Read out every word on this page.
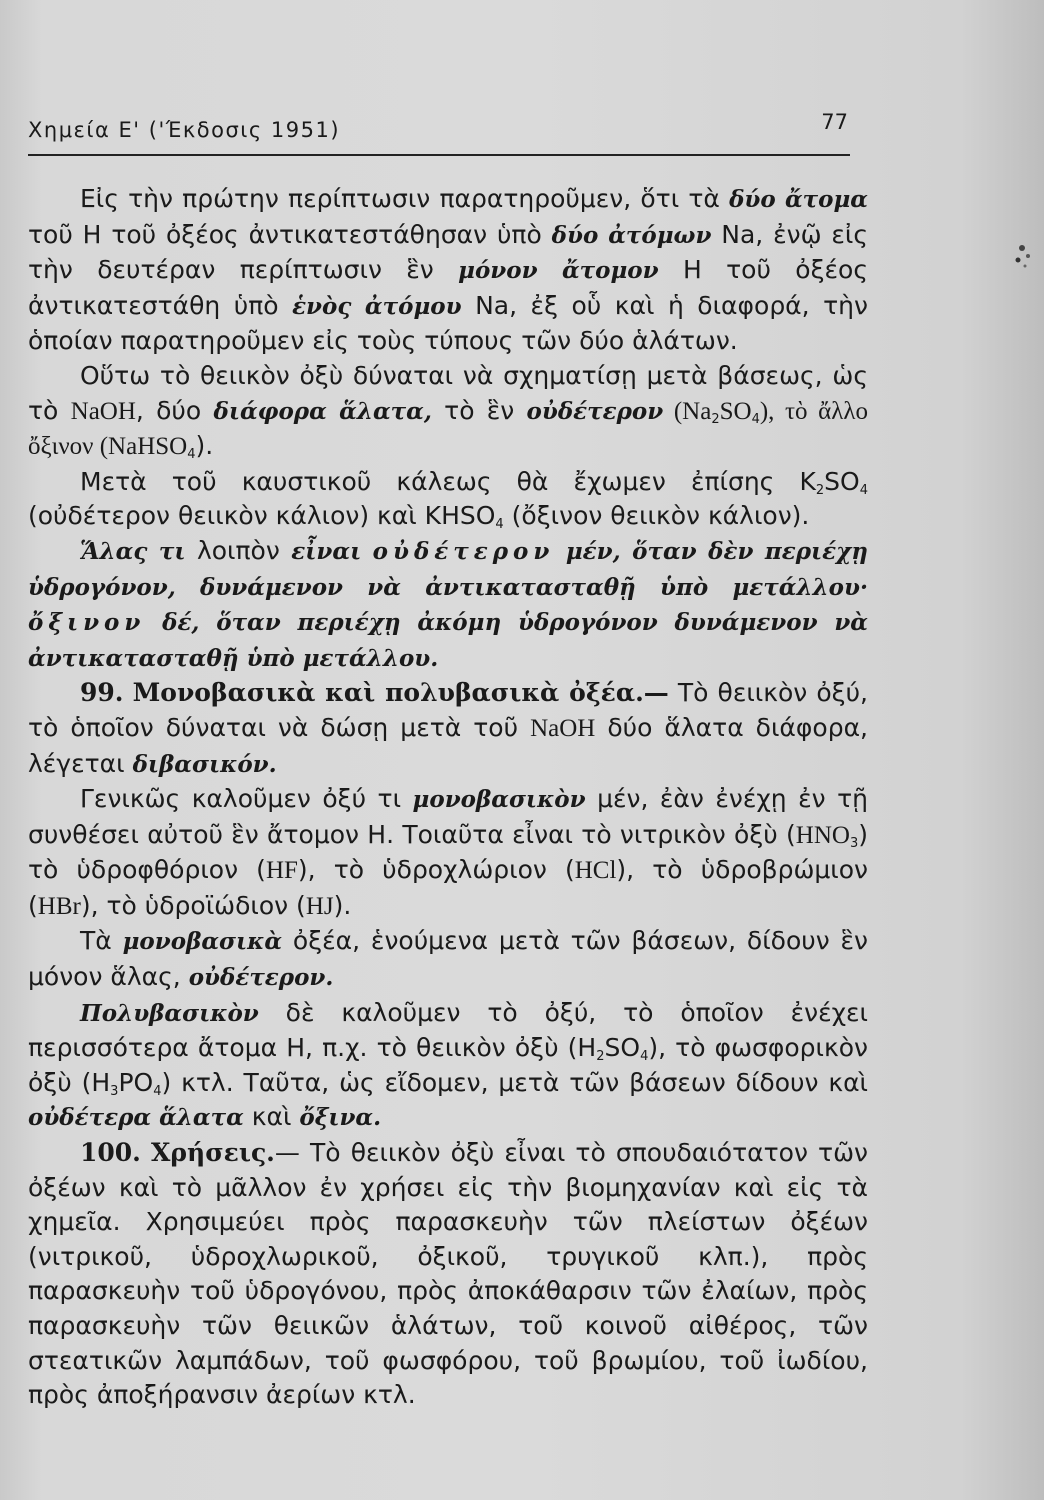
Χημεία Ε' ('Έκδοσις 1951)	77

Εἰς τὴν πρώτην περίπτωσιν παρατηροῦμεν, ὅτι τὰ δύο ἄτομα τοῦ Η τοῦ ὀξέος ἀντικατεστάθησαν ὑπὸ δύο ἀτόμων Na, ἐνῷ εἰς τὴν δευτέραν περίπτωσιν ἓν μόνον ἄτομον Η τοῦ ὀξέος ἀντικατεστάθη ὑπὸ ἑνὸς ἀτόμου Na, ἐξ οὗ καὶ ἡ διαφορά, τὴν ὁποίαν παρατηροῦμεν εἰς τοὺς τύπους τῶν δύο ἁλάτων.

Οὕτω τὸ θειικὸν ὀξὺ δύναται νὰ σχηματίσῃ μετὰ βάσεως, ὡς τὸ NaOH, δύο διάφορα ἅλατα, τὸ ἓν οὐδέτερον $(Na_2SO_4)$, τὸ ἄλλο ὄξινον (NaHSO$_4$).

Μετὰ τοῦ καυστικοῦ κάλεως θὰ ἔχωμεν ἐπίσης $K_2SO_4$ (οὐδέτερον θειικὸν κάλιον) καὶ $KHSO_4$ (ὄξινον θειικὸν κάλιον).

Ἅλας τι λοιπὸν εἶναι οὐδέτερον μέν, ὅταν δὲν περιέχῃ ὑδρογόνον, δυνάμενον νὰ ἀντικατασταθῇ ὑπὸ μετάλλου· ὄξινον δέ, ὅταν περιέχῃ ἀκόμη ὑδρογόνον δυνάμενον νὰ ἀντικατασταθῇ ὑπὸ μετάλλου.

99. Μονοβασικὰ καὶ πολυβασικὰ ὀξέα.— Τὸ θειικὸν ὀξύ, τὸ ὁποῖον δύναται νὰ δώσῃ μετὰ τοῦ NaOH δύο ἅλατα διάφορα, λέγεται διβασικόν.

Γενικῶς καλοῦμεν ὀξύ τι μονοβασικὸν μέν, ἐὰν ἐνέχῃ ἐν τῇ συνθέσει αὐτοῦ ἓν ἄτομον Η. Τοιαῦτα εἶναι τὸ νιτρικὸν ὀξὺ $(HNO_3)$ τὸ ὑδροφθόριον (HF), τὸ ὑδροχλώριον (HCl), τὸ ὑδροβρώμιον (HBr), τὸ ὑδροϊώδιον (HJ).

Τὰ μονοβασικὰ ὀξέα, ἑνούμενα μετὰ τῶν βάσεων, δίδουν ἓν μόνον ἅλας, οὐδέτερον.

Πολυβασικὸν δὲ καλοῦμεν τὸ ὀξύ, τὸ ὁποῖον ἐνέχει περισσότερα ἄτομα Η, π.χ. τὸ θειικὸν ὀξὺ $(H_2SO_4)$, τὸ φωσφορικὸν ὀξὺ $(H_3PO_4)$ κτλ. Ταῦτα, ὡς εἴδομεν, μετὰ τῶν βάσεων δίδουν καὶ οὐδέτερα ἅλατα καὶ ὄξινα.

100. Χρήσεις.— Τὸ θειικὸν ὀξὺ εἶναι τὸ σπουδαιότατον τῶν ὀξέων καὶ τὸ μᾶλλον ἐν χρήσει εἰς τὴν βιομηχανίαν καὶ εἰς τὰ χημεῖα. Χρησιμεύει πρὸς παρασκευὴν τῶν πλείστων ὀξέων (νιτρικοῦ, ὑδροχλωρικοῦ, ὀξικοῦ, τρυγικοῦ κλπ.), πρὸς παρασκευὴν τοῦ ὑδρογόνου, πρὸς ἀποκάθαρσιν τῶν ἐλαίων, πρὸς παρασκευὴν τῶν θειικῶν ἁλάτων, τοῦ κοινοῦ αἰθέρος, τῶν στεατικῶν λαμπάδων, τοῦ φωσφόρου, τοῦ βρωμίου, τοῦ ἰωδίου, πρὸς ἀποξήρανσιν ἀερίων κτλ.
